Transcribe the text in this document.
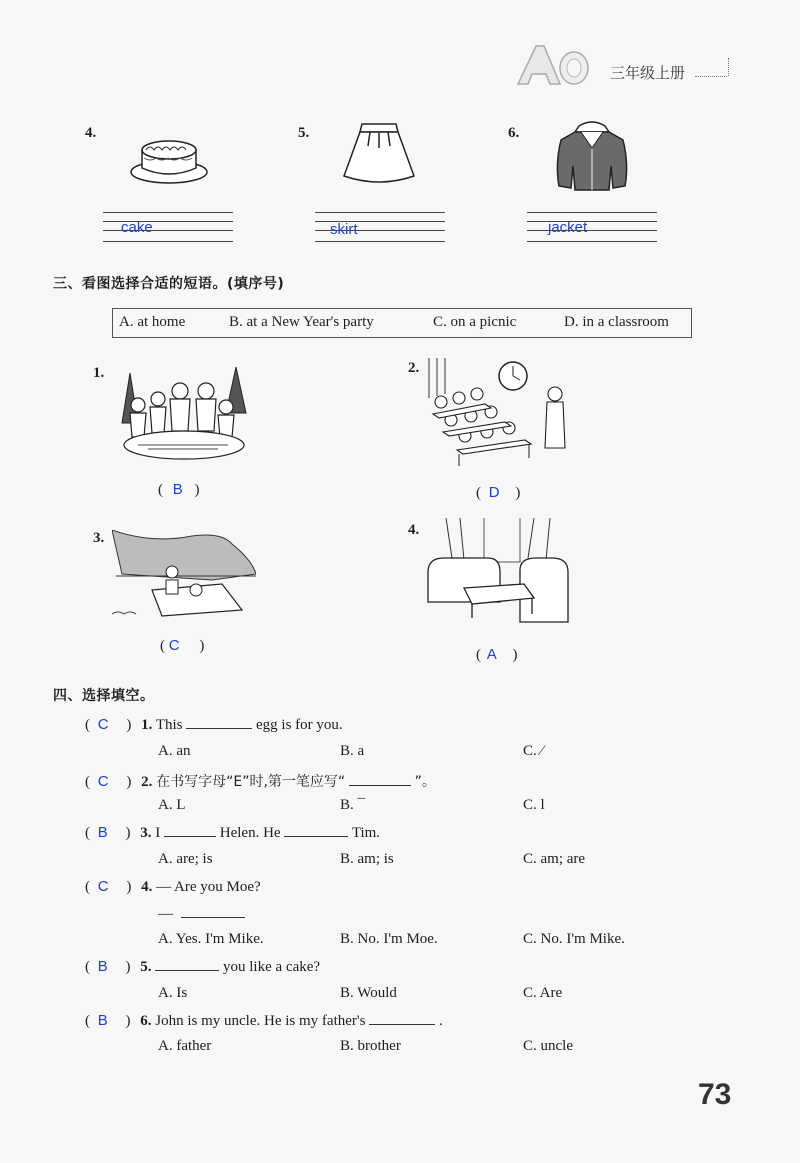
三年级上册
4.
cake
5.
skirt
6.
jacket
三、看图选择合适的短语。(填序号)
A. at home	B. at a New Year's party	C. on a picnic	D. in a classroom
1.
( B )
2.
( D )
3.
( C )
4.
( A )
四、选择填空。
( C ) 1. This	egg is for you.
A. an	B. a	C. ⁄
( C ) 2. 在书写字母“E”时,第一笔应写“	”。
A. L	B. ¯	C. l
( B ) 3. I	Helen. He	Tim.
A. are; is	B. am; is	C. am; are
( C ) 4. — Are you Moe?
—
A. Yes. I'm Mike.	B. No. I'm Moe.	C. No. I'm Mike.
( B ) 5.	you like a cake?
A. Is	B. Would	C. Are
( B ) 6. John is my uncle. He is my father's	.
A. father	B. brother	C. uncle
73
